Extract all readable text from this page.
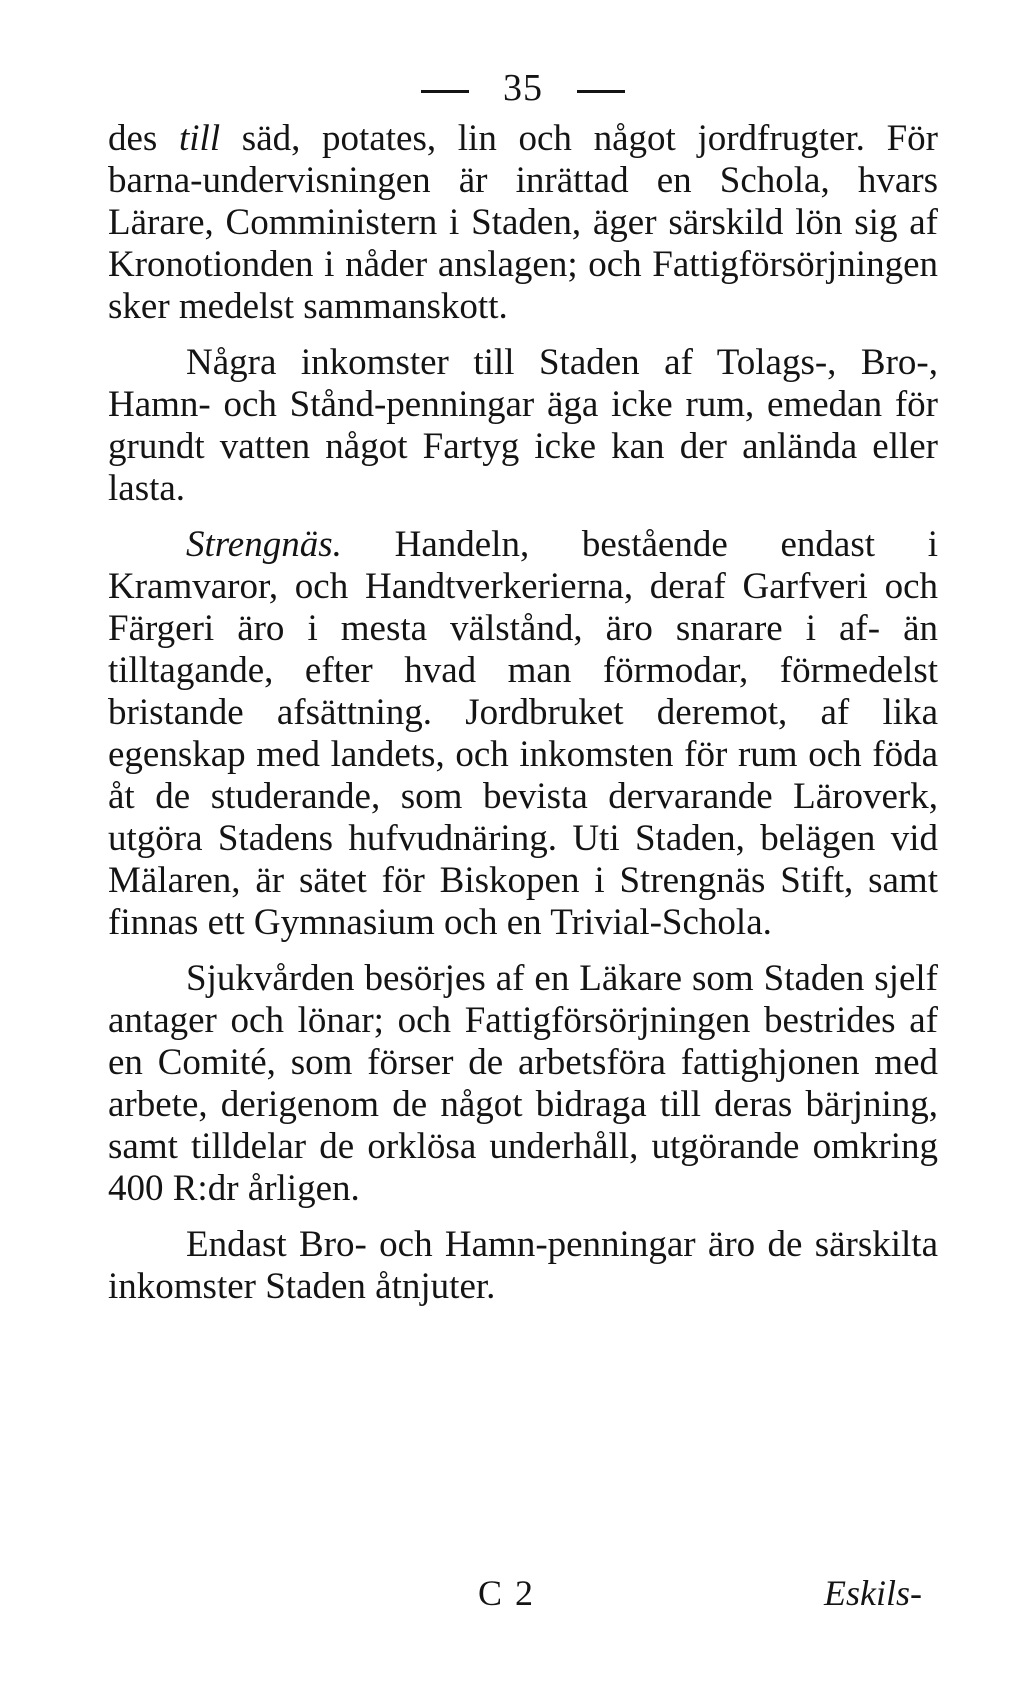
35

des till säd, potates, lin och något jordfrugter. För barna-undervisningen är inrättad en Schola, hvars Lärare, Comministern i Staden, äger särskild lön sig af Kronotionden i nåder anslagen; och Fattigförsörjningen sker medelst sammanskott.

Några inkomster till Staden af Tolags-, Bro-, Hamn- och Stånd-penningar äga icke rum, emedan för grundt vatten något Fartyg icke kan der anlända eller lasta.

Strengnäs. Handeln, bestående endast i Kramvaror, och Handtverkerierna, deraf Garfveri och Färgeri äro i mesta välstånd, äro snarare i af- än tilltagande, efter hvad man förmodar, förmedelst bristande afsättning. Jordbruket deremot, af lika egenskap med landets, och inkomsten för rum och föda åt de studerande, som bevista dervarande Läroverk, utgöra Stadens hufvudnäring. Uti Staden, belägen vid Mälaren, är sätet för Biskopen i Strengnäs Stift, samt finnas ett Gymnasium och en Trivial-Schola.

Sjukvården besörjes af en Läkare som Staden sjelf antager och lönar; och Fattigförsörjningen bestrides af en Comité, som förser de arbetsföra fattighjonen med arbete, derigenom de något bidraga till deras bärjning, samt tilldelar de orklösa underhåll, utgörande omkring 400 R:dr årligen.

Endast Bro- och Hamn-penningar äro de särskilta inkomster Staden åtnjuter.

C 2	Eskils-
